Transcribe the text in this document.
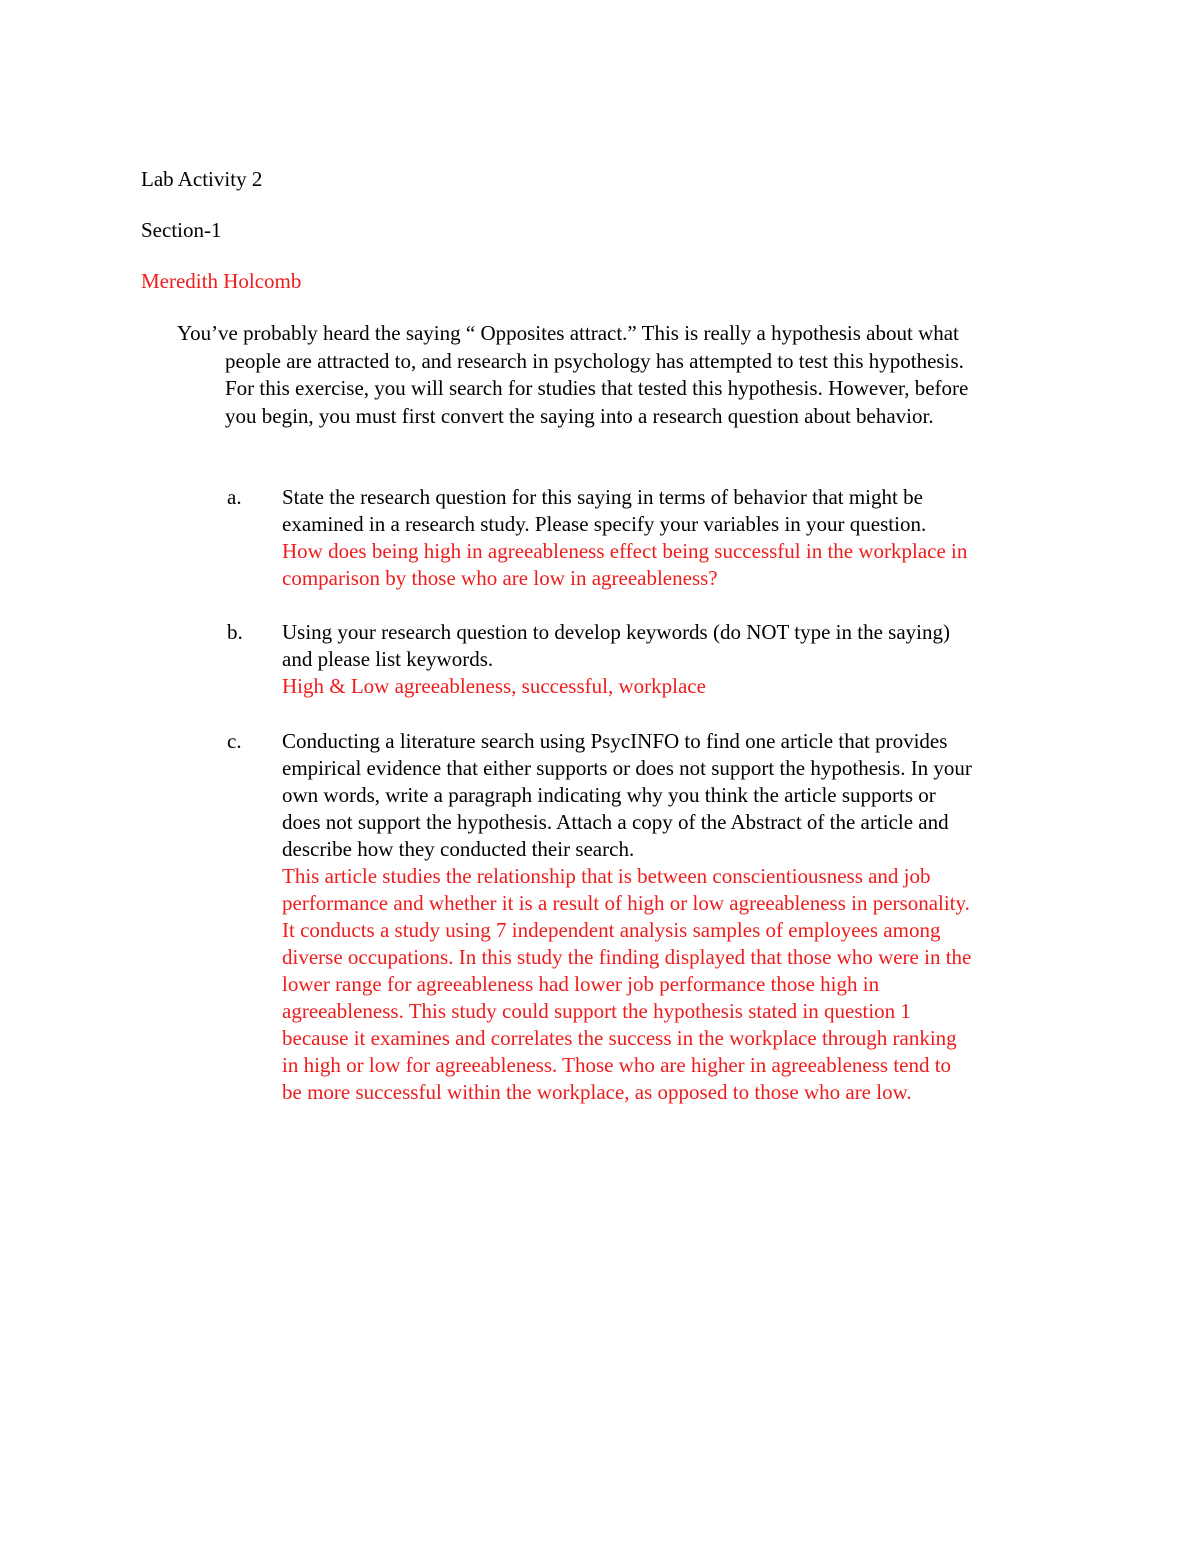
Lab Activity 2

Section-1

Meredith Holcomb

You’ve probably heard the saying “ Opposites attract.” This is really a hypothesis about what
people are attracted to, and research in psychology has attempted to test this hypothesis.
For this exercise, you will search for studies that tested this hypothesis. However, before
you begin, you must first convert the saying into a research question about behavior.
a. State the research question for this saying in terms of behavior that might be
examined in a research study. Please specify your variables in your question.
How does being high in agreeableness effect being successful in the workplace in
comparison by those who are low in agreeableness?
b. Using your research question to develop keywords (do NOT type in the saying)
and please list keywords.
High & Low agreeableness, successful, workplace
c. Conducting a literature search using PsycINFO to find one article that provides
empirical evidence that either supports or does not support the hypothesis. In your
own words, write a paragraph indicating why you think the article supports or
does not support the hypothesis. Attach a copy of the Abstract of the article and
describe how they conducted their search.
This article studies the relationship that is between conscientiousness and job
performance and whether it is a result of high or low agreeableness in personality.
It conducts a study using 7 independent analysis samples of employees among
diverse occupations. In this study the finding displayed that those who were in the
lower range for agreeableness had lower job performance those high in
agreeableness. This study could support the hypothesis stated in question 1
because it examines and correlates the success in the workplace through ranking
in high or low for agreeableness. Those who are higher in agreeableness tend to
be more successful within the workplace, as opposed to those who are low.
